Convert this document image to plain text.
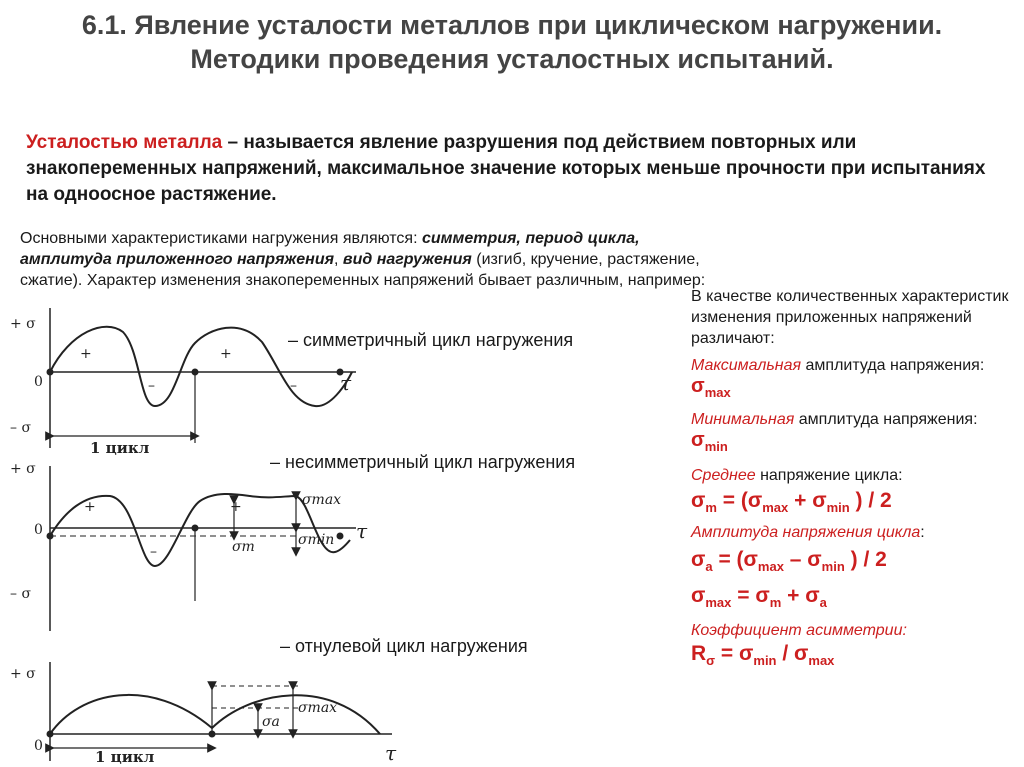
6.1. Явление усталости металлов при циклическом нагружении. Методики проведения усталостных испытаний.

Усталостью металла – называется явление разрушения под действием повторных или знакопеременных напряжений, максимальное значение которых меньше прочности при испытаниях на одноосное растяжение.

Основными характеристиками нагружения являются: симметрия, период цикла, амплитуда приложенного напряжения, вид нагружения (изгиб, кручение, растяжение, сжатие). Характер изменения знакопеременных напряжений бывает различным, например:

+ σ
0
– σ
+	+
–	– τ
1 цикл
– симметричный цикл нагружения
+ σ
0
– σ
+	+
–
σmax
σmin
σm
τ
– несимметричный цикл нагружения
+ σ
0
σa
σmax
τ
1 цикл
– отнулевой цикл нагружения

В качестве количественных характеристик изменения приложенных напряжений различают:

Максимальная амплитуда напряжения: $\sigma_{max}$

Минимальная амплитуда напряжения: $\sigma_{min}$

Среднее напряжение цикла:

$\sigma_m = (\sigma_{max} + \sigma_{min}$ ) / 2

Амплитуда напряжения цикла:

$\sigma_a = (\sigma_{max} - \sigma_{min}$ ) / 2

$\sigma_{max} = \sigma_m + \sigma_a$

Коэффициент асимметрии:

$R_\sigma = \sigma_{min} / \sigma_{max}$
